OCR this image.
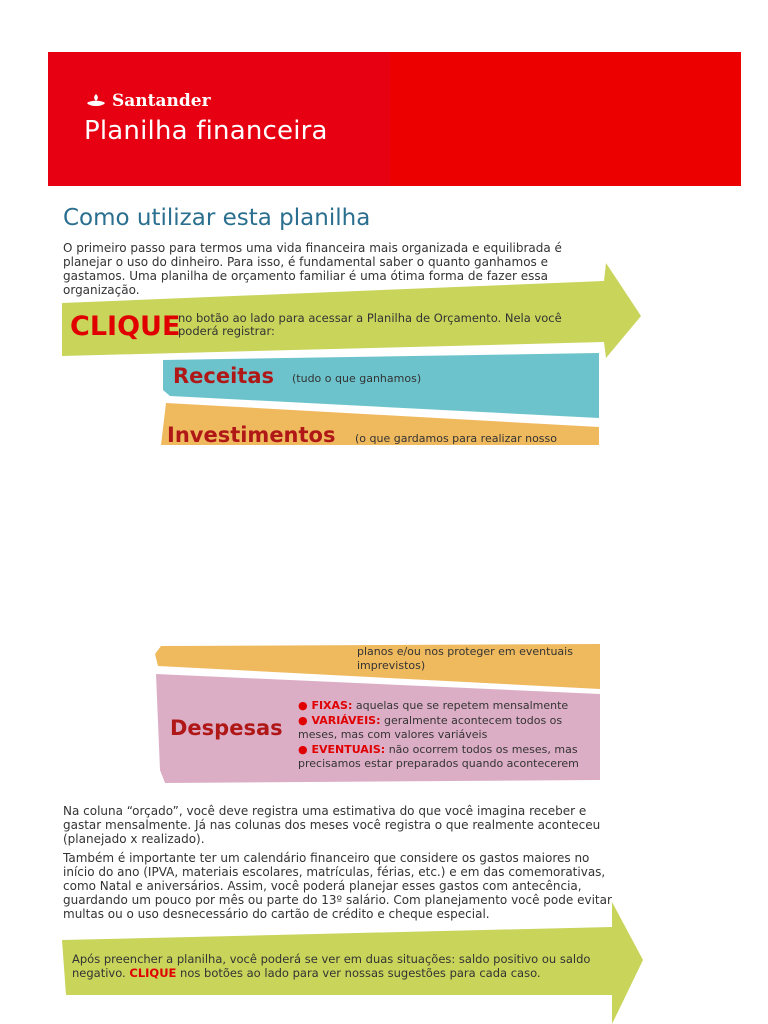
Santander
Planilha financeira
Como utilizar esta planilha

O primeiro passo para termos uma vida financeira mais organizada e equilibrada é planejar o uso do dinheiro. Para isso, é fundamental saber o quanto ganhamos e gastamos. Uma planilha de orçamento familiar é uma ótima forma de fazer essa organização.

CLIQUE
no botão ao lado para acessar a Planilha de Orçamento. Nela você poderá registrar:
Receitas (tudo o que ganhamos)
Investimentos (o que gardamos para realizar nosso
planos e/ou nos proteger em eventuais imprevistos)
Despesas
● FIXAS: aquelas que se repetem mensalmente
● VARIÁVEIS: geralmente acontecem todos os meses, mas com valores variáveis
● EVENTUAIS: não ocorrem todos os meses, mas precisamos estar preparados quando acontecerem

Na coluna “orçado”, você deve registra uma estimativa do que você imagina receber e gastar mensalmente. Já nas colunas dos meses você registra o que realmente aconteceu (planejado x realizado).

Também é importante ter um calendário financeiro que considere os gastos maiores no início do ano (IPVA, materiais escolares, matrículas, férias, etc.) e em das comemorativas, como Natal e aniversários. Assim, você poderá planejar esses gastos com antecência, guardando um pouco por mês ou parte do 13º salário. Com planejamento você pode evitar multas ou o uso desnecessário do cartão de crédito e cheque especial.

Após preencher a planilha, você poderá se ver em duas situações: saldo positivo ou saldo negativo. CLIQUE nos botões ao lado para ver nossas sugestões para cada caso.
